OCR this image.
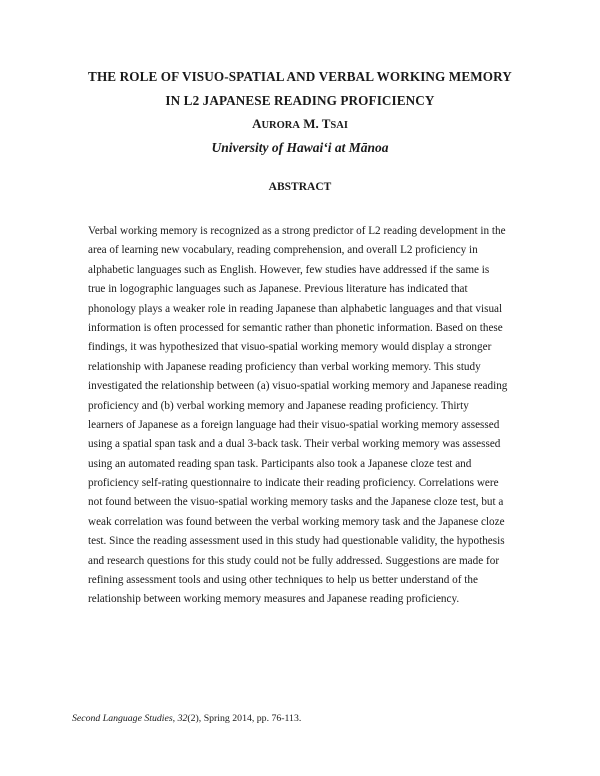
THE ROLE OF VISUO-SPATIAL AND VERBAL WORKING MEMORY
IN L2 JAPANESE READING PROFICIENCY
AURORA M. TSAI
University of Hawai‘i at Mānoa
ABSTRACT
Verbal working memory is recognized as a strong predictor of L2 reading development in the
area of learning new vocabulary, reading comprehension, and overall L2 proficiency in
alphabetic languages such as English. However, few studies have addressed if the same is
true in logographic languages such as Japanese. Previous literature has indicated that
phonology plays a weaker role in reading Japanese than alphabetic languages and that visual
information is often processed for semantic rather than phonetic information. Based on these
findings, it was hypothesized that visuo-spatial working memory would display a stronger
relationship with Japanese reading proficiency than verbal working memory. This study
investigated the relationship between (a) visuo-spatial working memory and Japanese reading
proficiency and (b) verbal working memory and Japanese reading proficiency. Thirty
learners of Japanese as a foreign language had their visuo-spatial working memory assessed
using a spatial span task and a dual 3-back task. Their verbal working memory was assessed
using an automated reading span task. Participants also took a Japanese cloze test and
proficiency self-rating questionnaire to indicate their reading proficiency. Correlations were
not found between the visuo-spatial working memory tasks and the Japanese cloze test, but a
weak correlation was found between the verbal working memory task and the Japanese cloze
test. Since the reading assessment used in this study had questionable validity, the hypothesis
and research questions for this study could not be fully addressed. Suggestions are made for
refining assessment tools and using other techniques to help us better understand of the
relationship between working memory measures and Japanese reading proficiency.
Second Language Studies, 32(2), Spring 2014, pp. 76-113.
